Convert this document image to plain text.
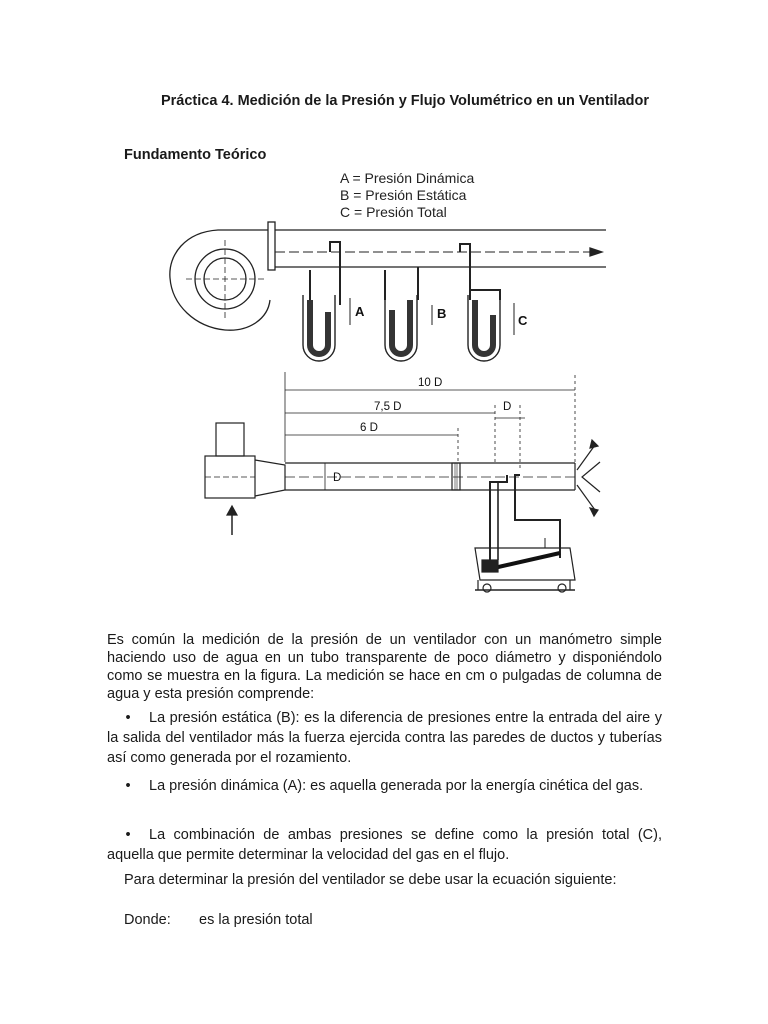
Práctica 4. Medición de la Presión y Flujo Volumétrico en un Ventilador
Fundamento Teórico
A = Presión Dinámica
B = Presión Estática
C = Presión Total
A	B	C
10 D
7,5 D
6 D
D
D

Es común la medición de la presión de un ventilador con un manómetro simple haciendo uso de agua en un tubo transparente de poco diámetro y disponiéndolo como se muestra en la figura. La medición se hace en cm o pulgadas de columna de agua y esta presión comprende:

• La presión estática (B): es la diferencia de presiones entre la entrada del aire y la salida del ventilador más la fuerza ejercida contra las paredes de ductos y tuberías así como generada por el rozamiento.

• La presión dinámica (A): es aquella generada por la energía cinética del gas.

• La combinación de ambas presiones se define como la presión total (C), aquella que permite determinar la velocidad del gas en el flujo.

Para determinar la presión del ventilador se debe usar la ecuación siguiente:
Donde: es la presión total
